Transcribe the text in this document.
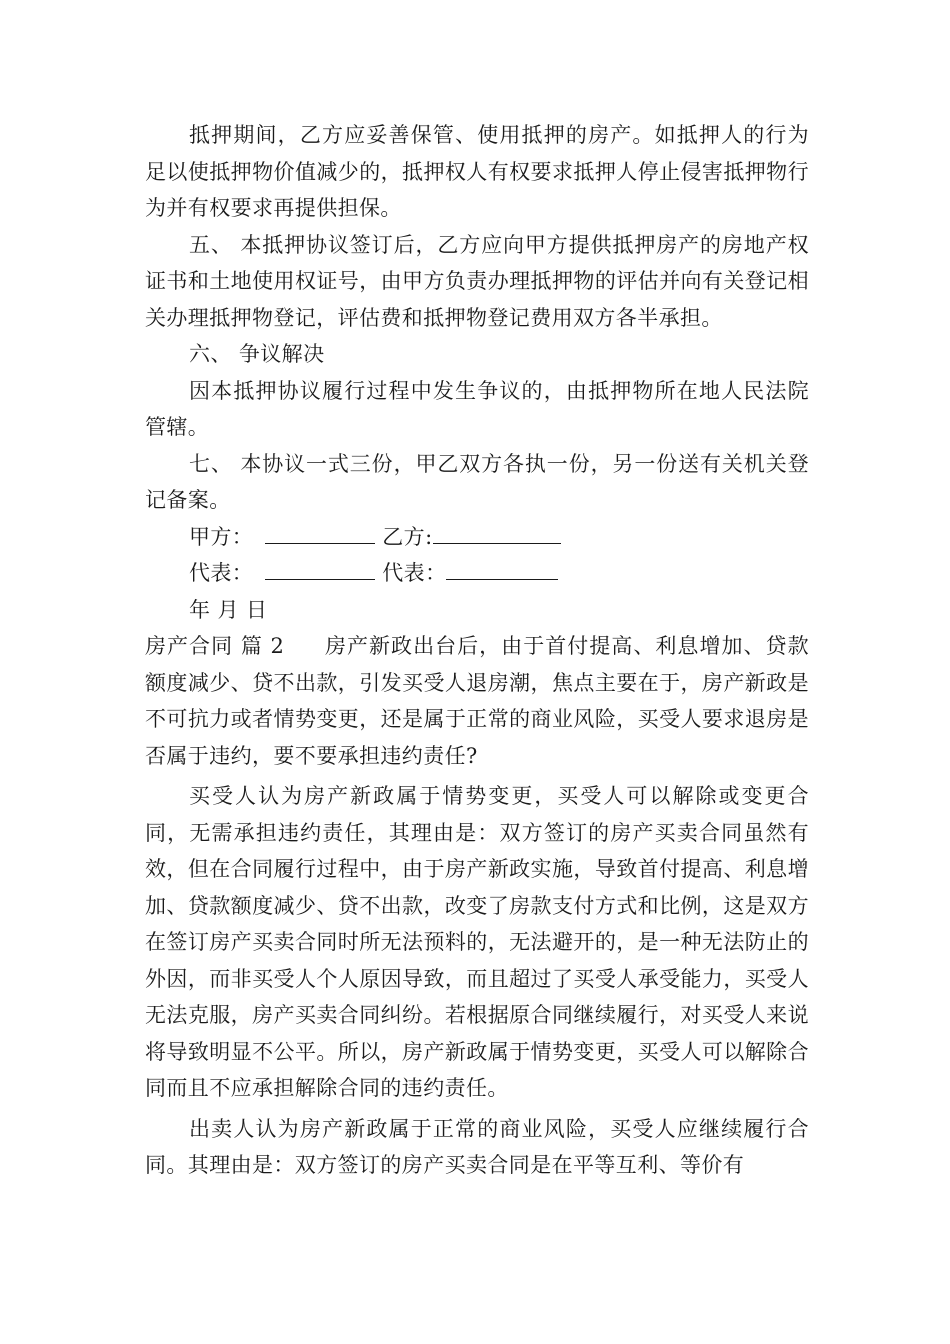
抵押期间，乙方应妥善保管、使用抵押的房产。如抵押人的行为足以使抵押物价值减少的，抵押权人有权要求抵押人停止侵害抵押物行为并有权要求再提供担保。

五、 本抵押协议签订后，乙方应向甲方提供抵押房产的房地产权证书和土地使用权证号，由甲方负责办理抵押物的评估并向有关登记相关办理抵押物登记，评估费和抵押物登记费用双方各半承担。

六、 争议解决

因本抵押协议履行过程中发生争议的，由抵押物所在地人民法院管辖。

七、 本协议一式三份，甲乙双方各执一份，另一份送有关机关登记备案。

甲方：	乙方:

代表：	代表：

年 月 日

房产合同 篇 2 房产新政出台后，由于首付提高、利息增加、贷款额度减少、贷不出款，引发买受人退房潮，焦点主要在于，房产新政是不可抗力或者情势变更，还是属于正常的商业风险，买受人要求退房是否属于违约，要不要承担违约责任?

买受人认为房产新政属于情势变更，买受人可以解除或变更合同，无需承担违约责任，其理由是：双方签订的房产买卖合同虽然有效，但在合同履行过程中，由于房产新政实施，导致首付提高、利息增加、贷款额度减少、贷不出款，改变了房款支付方式和比例，这是双方在签订房产买卖合同时所无法预料的，无法避开的，是一种无法防止的外因，而非买受人个人原因导致，而且超过了买受人承受能力，买受人无法克服，房产买卖合同纠纷。若根据原合同继续履行，对买受人来说将导致明显不公平。所以，房产新政属于情势变更，买受人可以解除合同而且不应承担解除合同的违约责任。

出卖人认为房产新政属于正常的商业风险，买受人应继续履行合同。其理由是：双方签订的房产买卖合同是在平等互利、等价有
